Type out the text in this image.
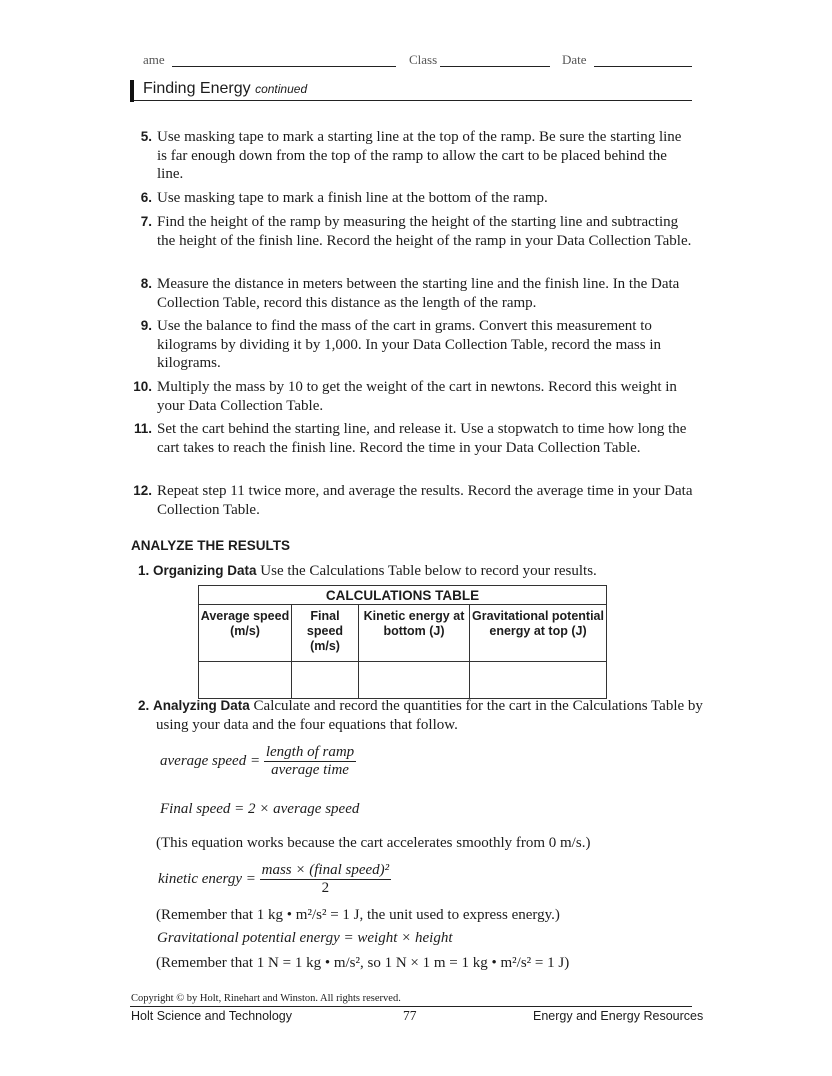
ame	Class	Date
Finding Energy continued
5. Use masking tape to mark a starting line at the top of the ramp. Be sure the starting line is far enough down from the top of the ramp to allow the cart to be placed behind the line.
6. Use masking tape to mark a finish line at the bottom of the ramp.
7. Find the height of the ramp by measuring the height of the starting line and subtracting the height of the finish line. Record the height of the ramp in your Data Collection Table.
8. Measure the distance in meters between the starting line and the finish line. In the Data Collection Table, record this distance as the length of the ramp.
9. Use the balance to find the mass of the cart in grams. Convert this measurement to kilograms by dividing it by 1,000. In your Data Collection Table, record the mass in kilograms.
10. Multiply the mass by 10 to get the weight of the cart in newtons. Record this weight in your Data Collection Table.
11. Set the cart behind the starting line, and release it. Use a stopwatch to time how long the cart takes to reach the finish line. Record the time in your Data Collection Table.
12. Repeat step 11 twice more, and average the results. Record the average time in your Data Collection Table.
ANALYZE THE RESULTS
1. Organizing Data Use the Calculations Table below to record your results.
CALCULATIONS TABLE			
Average speed (m/s)	Final speed (m/s)	Kinetic energy at bottom (J)	Gravitational potential energy at top (J)

2. Analyzing Data Calculate and record the quantities for the cart in the Calculations Table by using your data and the four equations that follow.
average speed = $\frac{\text{length of ramp}}{\text{average time}}$
Final speed = 2 × average speed
(This equation works because the cart accelerates smoothly from 0 m/s.)
kinetic energy = $\frac{\text{mass × (final speed)²}}{2}$
(Remember that 1 kg • m²/s² = 1 J, the unit used to express energy.)
Gravitational potential energy = weight × height
(Remember that 1 N = 1 kg • m/s², so 1 N × 1 m = 1 kg • m²/s² = 1 J)
Copyright © by Holt, Rinehart and Winston. All rights reserved.
Holt Science and Technology	77	Energy and Energy Resources
